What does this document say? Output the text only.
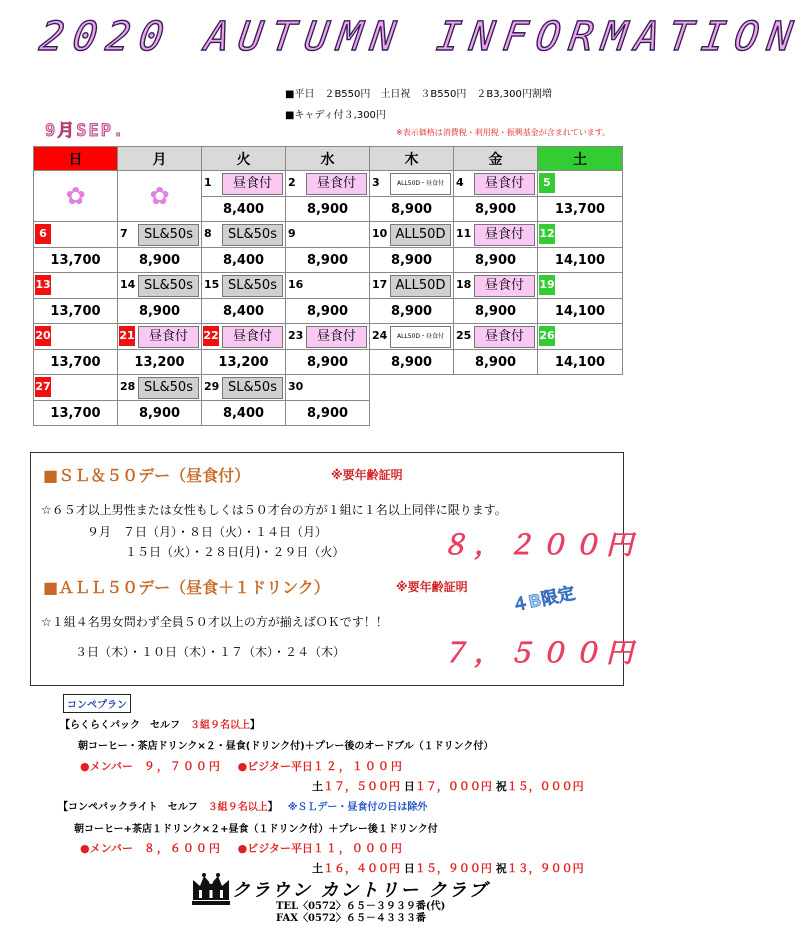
2020 AUTUMN INFORMATION
■平日　２B550円　土日祝　３B550円　２B3,300円割増
■キャディ付３,300円
9月SEP.	※表示価格は消費税・利用税・振興基金が含まれています。
日	月	火	水	木	金	土
✿	✿	1 昼食付	2 昼食付	3 ALL50D・昼食付	4 昼食付	5

		8,400	8,900	8,900	8,900	13,700

6	7 SL&50s	8 SL&50s	9	10 ALL50D	11 昼食付	12

13,700	8,900	8,400	8,900	8,900	8,900	14,100

13	14 SL&50s	15 SL&50s	16	17 ALL50D	18 昼食付	19

13,700	8,900	8,400	8,900	8,900	8,900	14,100

20	21 昼食付	22 昼食付	23 昼食付	24 ALL50D・昼食付	25 昼食付	26

13,700	13,200	13,200	8,900	8,900	8,900	14,100

27	28 SL&50s	29 SL&50s	30			

13,700	8,900	8,400	8,900			
■ＳＬ＆５０デー（昼食付）	※要年齢証明
☆６５才以上男性または女性もしくは５０才台の方が１組に１名以上同伴に限ります。
９月　７日（月）・８日（火）・１４日（月）
１５日（火）・２８日(月)・２９日（火）	８，２００円
■ＡＬＬ５０デー（昼食＋１ドリンク）	※要年齢証明 ４B限定
☆１組４名男女問わず全員５０才以上の方が揃えばＯＫです！！
３日（木）・１０日（木）・１７（木）・２４（木）	７，５００円
コンペプラン
【らくらくパック　セルフ　３組９名以上】
朝コーヒー・茶店ドリンク×２・昼食(ドリンク付)＋プレー後のオードブル（１ドリンク付）
●メンバー　９，７００円 ●ビジター平日１２，１００円
土１７，５００円 日１７，０００円 祝１５，０００円
【コンペパックライト　セルフ　３組９名以上】 ※ＳＬデー・昼食付の日は除外
朝コーヒー+茶店１ドリンク×２+昼食（１ドリンク付）＋プレー後１ドリンク付
●メンバー　８，６００円 ●ビジター平日１１，０００円
土１６，４００円 日１５，９００円 祝１３，９００円
クラウン カントリー クラブ
TEL〈0572〉６５－３９３９番(代)
FAX〈0572〉６５－４３３３番
